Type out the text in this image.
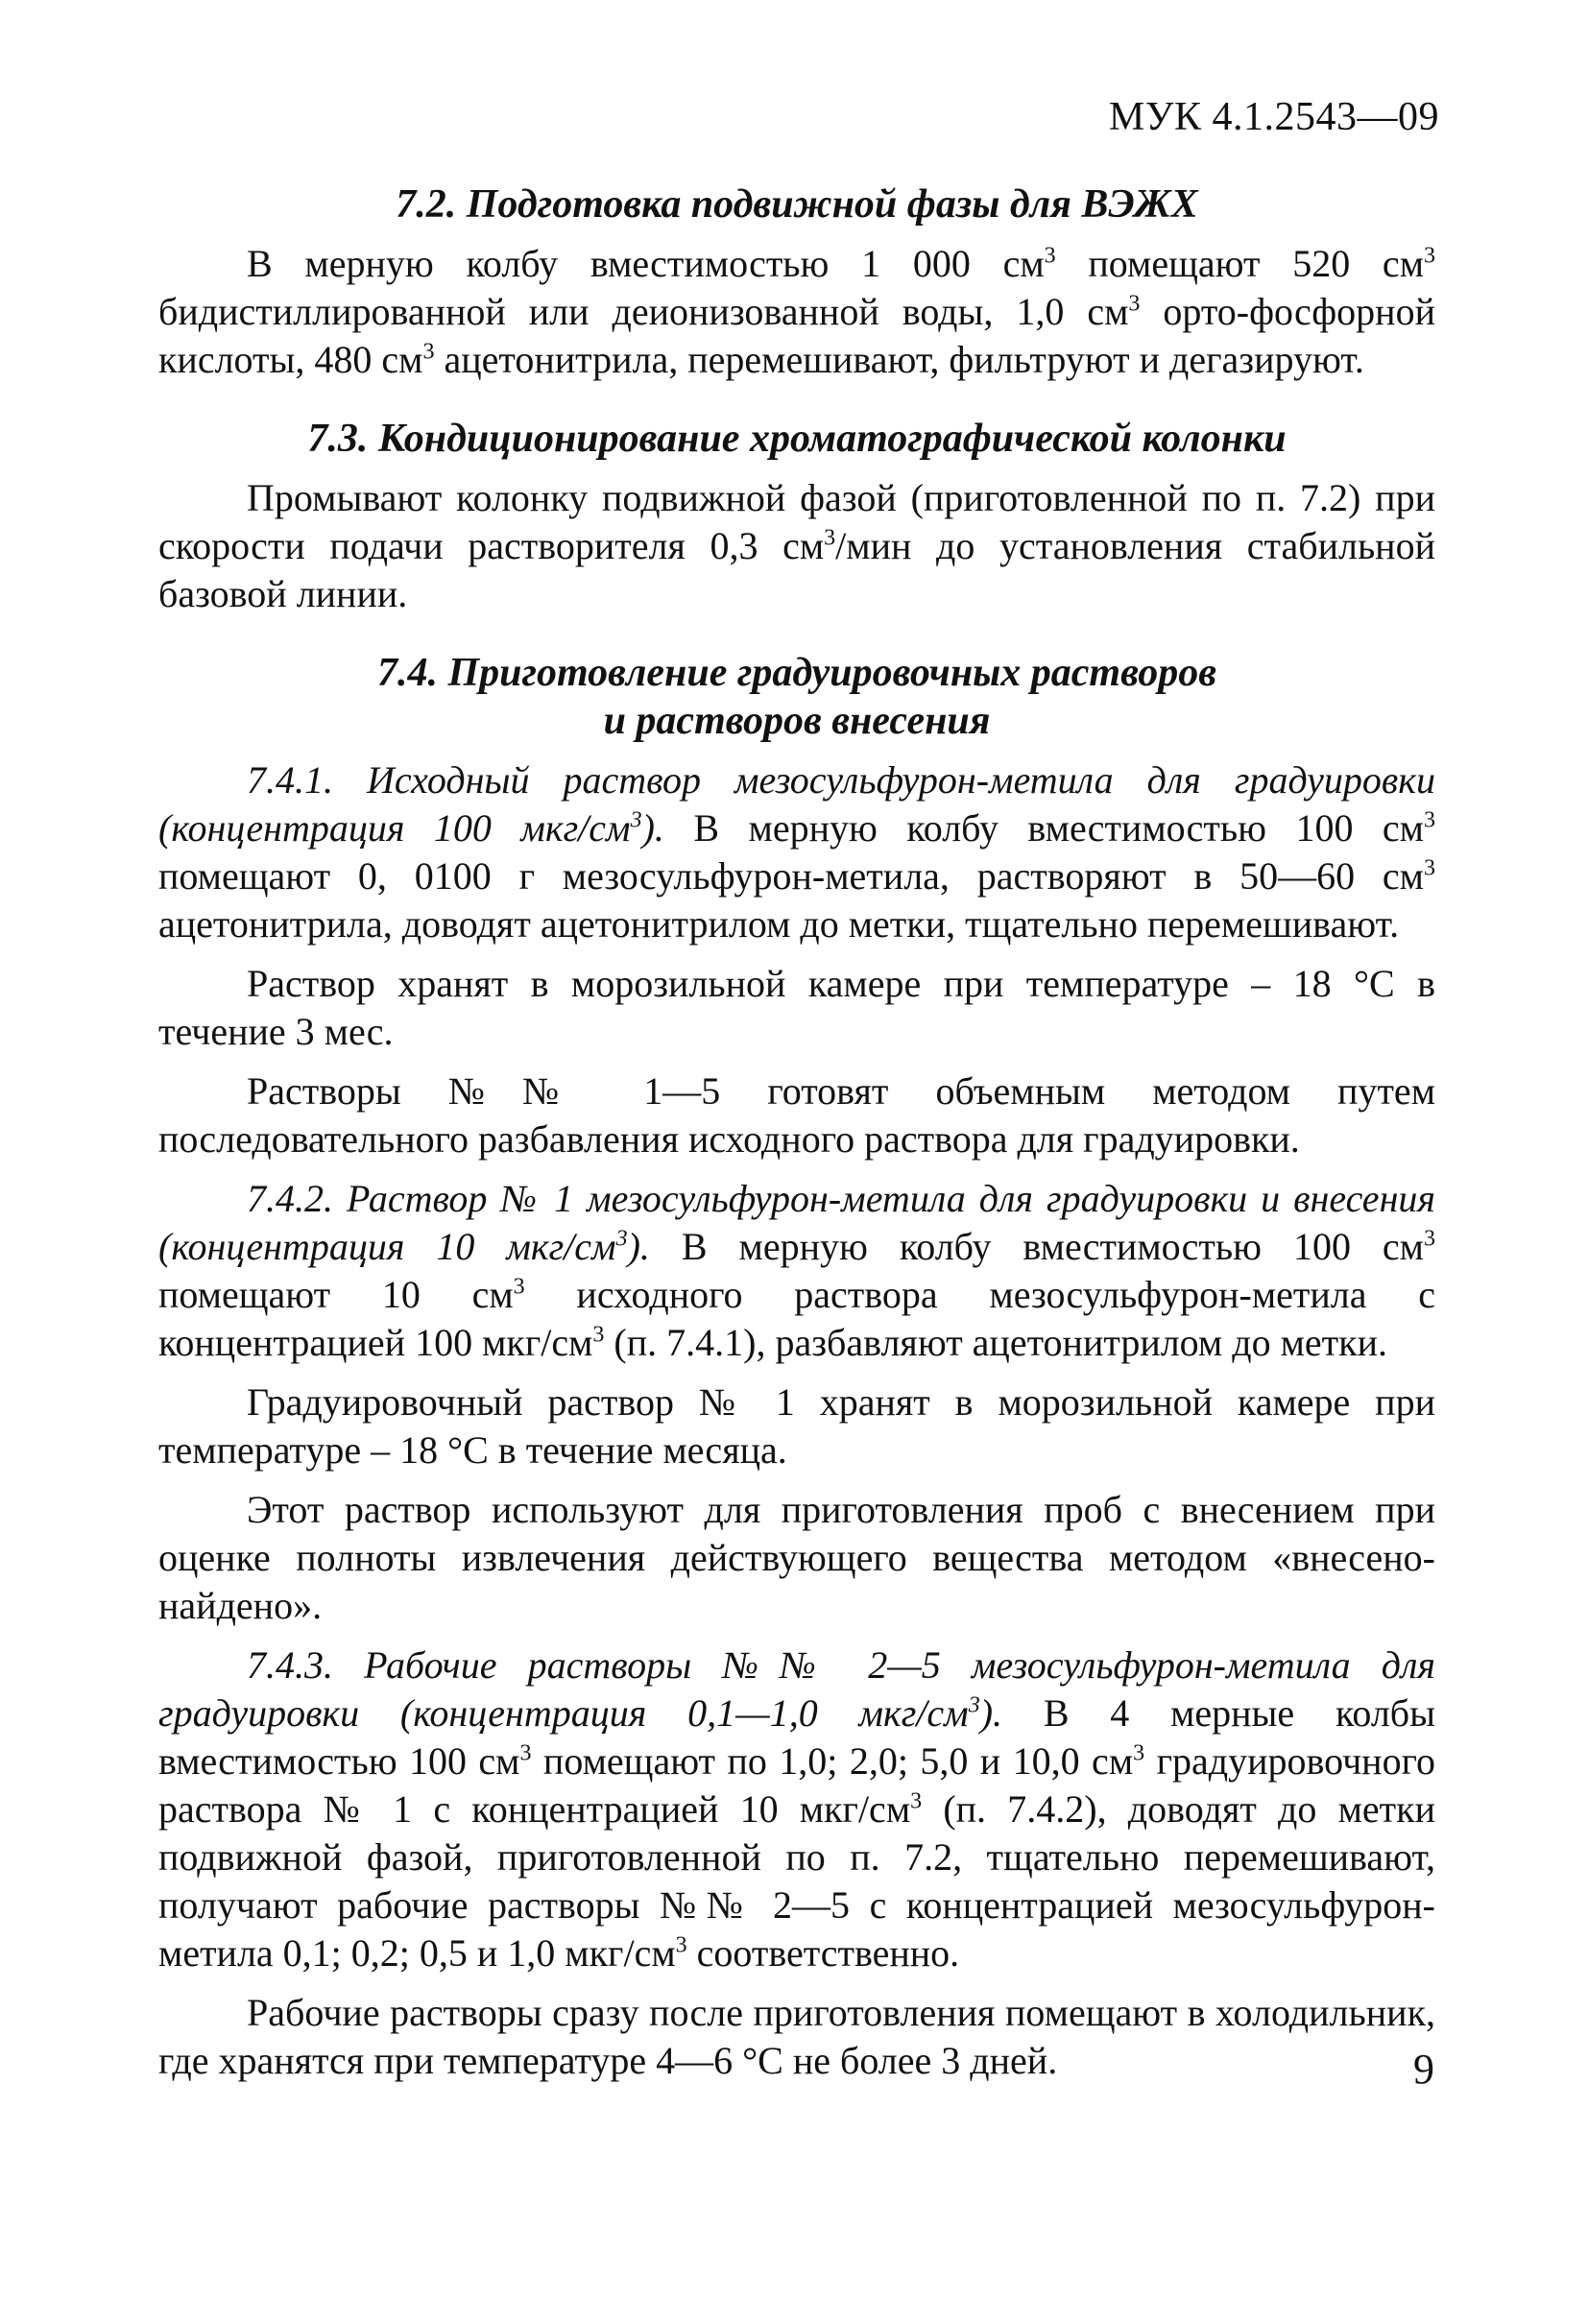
МУК 4.1.2543—09
7.2. Подготовка подвижной фазы для ВЭЖХ

В мерную колбу вместимостью 1 000 $см^3$ помещают 520 $см^3$ бидистиллированной или деионизованной воды, 1,0 $см^3$ орто-фосфорной кислоты, 480 $см^3$ ацетонитрила, перемешивают, фильтруют и дегазируют.

7.3. Кондиционирование хроматографической колонки

Промывают колонку подвижной фазой (приготовленной по п. 7.2) при скорости подачи растворителя 0,3 $см^3$/мин до установления стабильной базовой линии.

7.4. Приготовление градуировочных растворов
и растворов внесения

7.4.1. Исходный раствор мезосульфурон-метила для градуировки (концентрация 100 мкг/$см^3$). В мерную колбу вместимостью 100 $см^3$ помещают 0, 0100 г мезосульфурон-метила, растворяют в 50—60 $см^3$ ацетонитрила, доводят ацетонитрилом до метки, тщательно перемешивают.

Раствор хранят в морозильной камере при температуре – 18 °С в течение 3 мес.

Растворы №№ 1—5 готовят объемным методом путем последовательного разбавления исходного раствора для градуировки.

7.4.2. Раствор № 1 мезосульфурон-метила для градуировки и внесения (концентрация 10 мкг/$см^3$). В мерную колбу вместимостью 100 $см^3$ помещают 10 $см^3$ исходного раствора мезосульфурон-метила с концентрацией 100 мкг/$см^3$ (п. 7.4.1), разбавляют ацетонитрилом до метки.

Градуировочный раствор № 1 хранят в морозильной камере при температуре – 18 °С в течение месяца.

Этот раствор используют для приготовления проб с внесением при оценке полноты извлечения действующего вещества методом «внесено-найдено».

7.4.3. Рабочие растворы №№ 2—5 мезосульфурон-метила для градуировки (концентрация 0,1—1,0 мкг/$см^3$). В 4 мерные колбы вместимостью 100 $см^3$ помещают по 1,0; 2,0; 5,0 и 10,0 $см^3$ градуировочного раствора № 1 с концентрацией 10 мкг/$см^3$ (п. 7.4.2), доводят до метки подвижной фазой, приготовленной по п. 7.2, тщательно перемешивают, получают рабочие растворы №№ 2—5 с концентрацией мезосульфурон-метила 0,1; 0,2; 0,5 и 1,0 мкг/$см^3$ соответственно.

Рабочие растворы сразу после приготовления помещают в холодильник, где хранятся при температуре 4—6 °С не более 3 дней.	9
